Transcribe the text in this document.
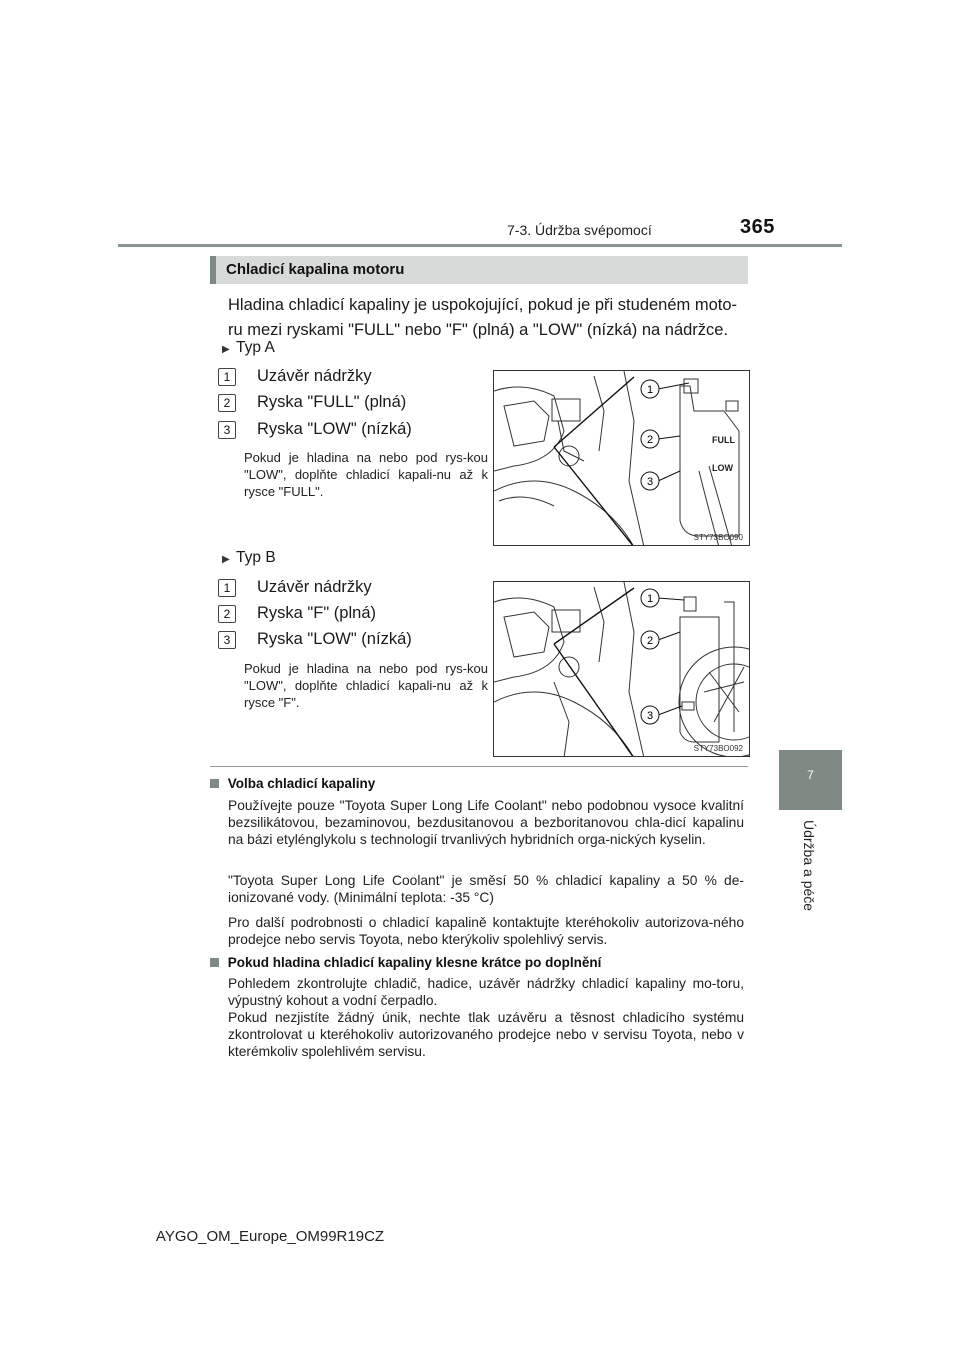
7-3. Údržba svépomocí	365
7
Údržba a péče
Chladicí kapalina motoru
Hladina chladicí kapaliny je uspokojující, pokud je při studeném moto-ru mezi ryskami "FULL" nebo "F" (plná) a "LOW" (nízká) na nádržce.
▶ Typ A
1	Uzávěr nádržky
2	Ryska "FULL" (plná)
3	Ryska "LOW" (nízká)
Pokud je hladina na nebo pod rys-kou "LOW", doplňte chladicí kapali-nu až k rysce "FULL".
FULL
LOW
1
2
3
STY73BO090
▶ Typ B
1	Uzávěr nádržky
2	Ryska "F" (plná)
3	Ryska "LOW" (nízká)
Pokud je hladina na nebo pod rys-kou "LOW", doplňte chladicí kapali-nu až k rysce "F".
1
2
3
STY73BO092
Volba chladicí kapaliny
Používejte pouze "Toyota Super Long Life Coolant" nebo podobnou vysoce kvalitní bezsilikátovou, bezaminovou, bezdusitanovou a bezboritanovou chla-dicí kapalinu na bázi etylénglykolu s technologií trvanlivých hybridních orga-nických kyselin.
"Toyota Super Long Life Coolant" je směsí 50 % chladicí kapaliny a 50 % de-ionizované vody. (Minimální teplota: -35 °C)
Pro další podrobnosti o chladicí kapalině kontaktujte kteréhokoliv autorizova-ného prodejce nebo servis Toyota, nebo kterýkoliv spolehlivý servis.
Pokud hladina chladicí kapaliny klesne krátce po doplnění
Pohledem zkontrolujte chladič, hadice, uzávěr nádržky chladicí kapaliny mo-toru, výpustný kohout a vodní čerpadlo.
Pokud nezjistíte žádný únik, nechte tlak uzávěru a těsnost chladicího systému zkontrolovat u kteréhokoliv autorizovaného prodejce nebo v servisu Toyota, nebo v kterémkoliv spolehlivém servisu.
AYGO_OM_Europe_OM99R19CZ
